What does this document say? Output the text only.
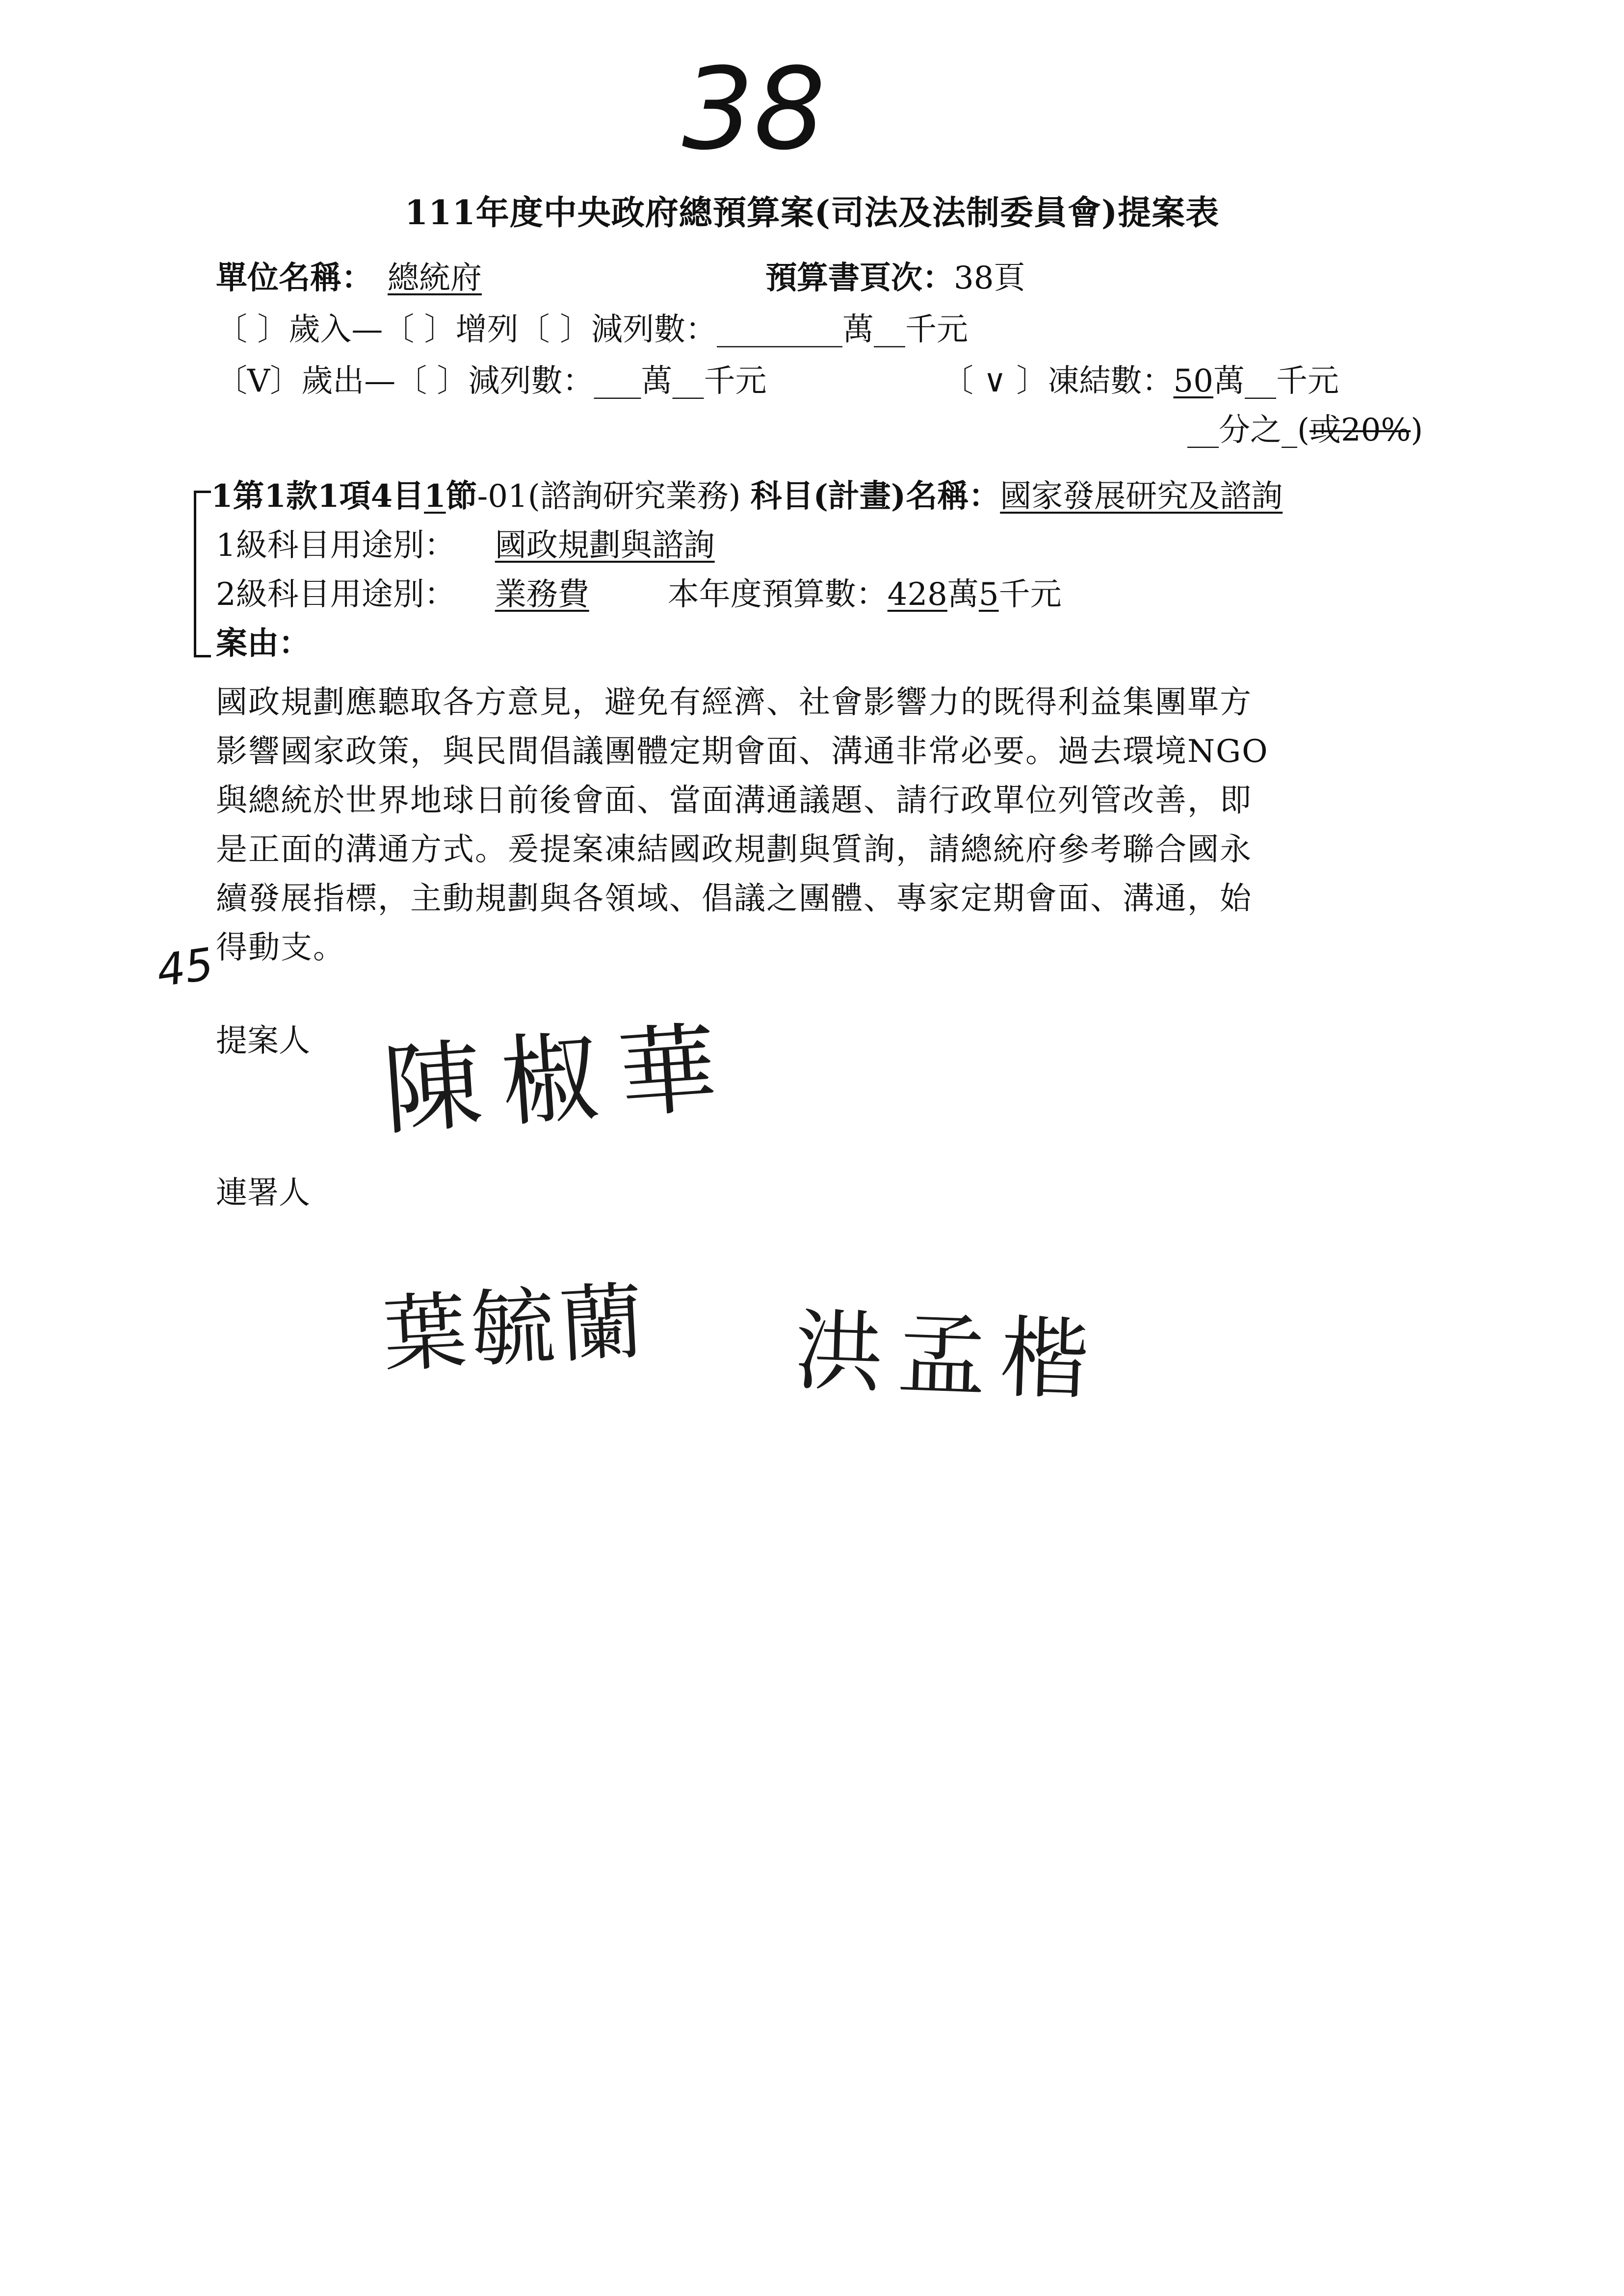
38
111年度中央政府總預算案(司法及法制委員會)提案表
單位名稱： 總統府	預算書頁次：38頁
〔 〕歲入—〔 〕增列〔 〕減列數：________萬__千元
〔V〕歲出—〔 〕減列數：___萬__千元	〔 ∨ 〕凍結數：50萬__千元
__分之_(或20%)
1第1款1項4目1節-01(諮詢研究業務) 科目(計畫)名稱：國家發展研究及諮詢
1級科目用途別： 國政規劃與諮詢
2級科目用途別： 業務費	本年度預算數：428萬5千元
案由：
國政規劃應聽取各方意見，避免有經濟、社會影響力的既得利益集團單方
影響國家政策，與民間倡議團體定期會面、溝通非常必要。過去環境NGO
與總統於世界地球日前後會面、當面溝通議題、請行政單位列管改善，即
是正面的溝通方式。爰提案凍結國政規劃與質詢，請總統府參考聯合國永
續發展指標，主動規劃與各領域、倡議之團體、專家定期會面、溝通，始
得動支。
45
提案人 陳椒華
連署人
葉毓蘭 洪孟楷
